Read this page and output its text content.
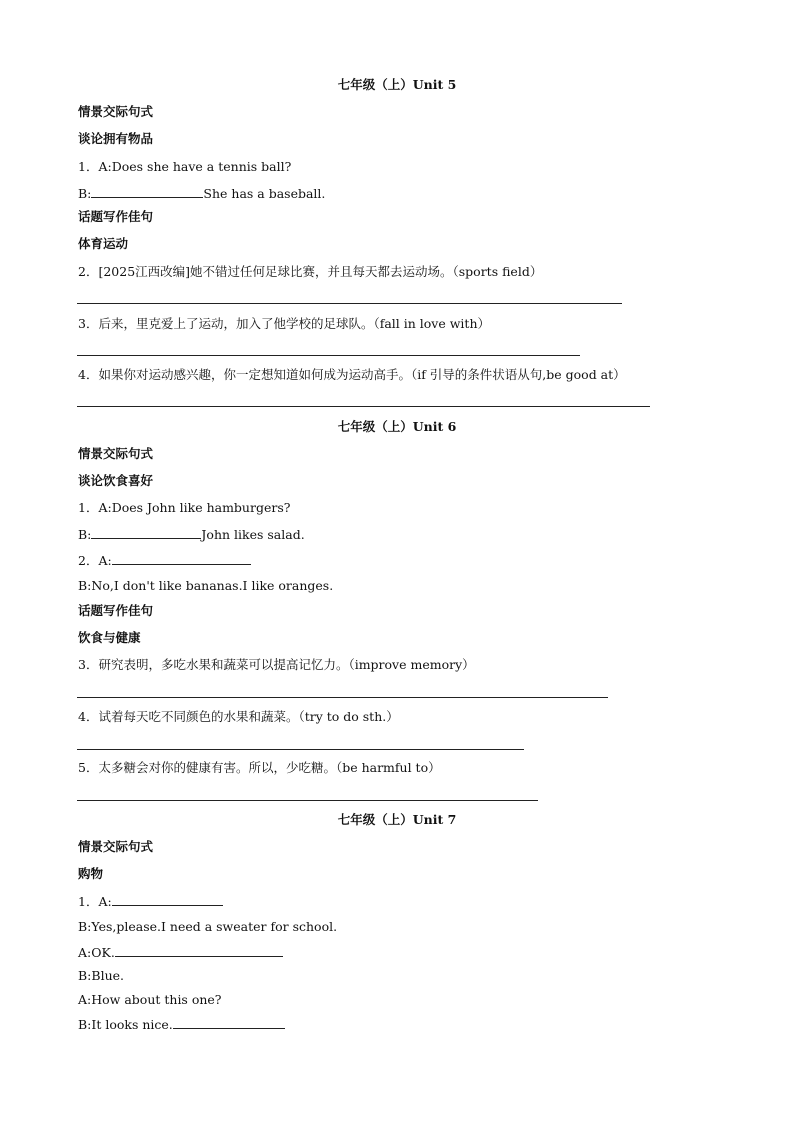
七年级（上）Unit 5
情景交际句式
谈论拥有物品
1．A:Does she have a tennis ball?
B:	She has a baseball.
话题写作佳句
体育运动
2．[2025江西改编]她不错过任何足球比赛，并且每天都去运动场。（sports field）
3．后来，里克爱上了运动，加入了他学校的足球队。（fall in love with）
4．如果你对运动感兴趣，你一定想知道如何成为运动高手。（if 引导的条件状语从句,be good at）
七年级（上）Unit 6
情景交际句式
谈论饮食喜好
1．A:Does John like hamburgers?
B:	John likes salad.
2．A:
B:No,I don't like bananas.I like oranges.
话题写作佳句
饮食与健康
3．研究表明，多吃水果和蔬菜可以提高记忆力。（improve memory）
4．试着每天吃不同颜色的水果和蔬菜。（try to do sth.）
5．太多糖会对你的健康有害。所以，少吃糖。（be harmful to）
七年级（上）Unit 7
情景交际句式
购物
1．A:
B:Yes,please.I need a sweater for school.
A:OK.
B:Blue.
A:How about this one?
B:It looks nice.
